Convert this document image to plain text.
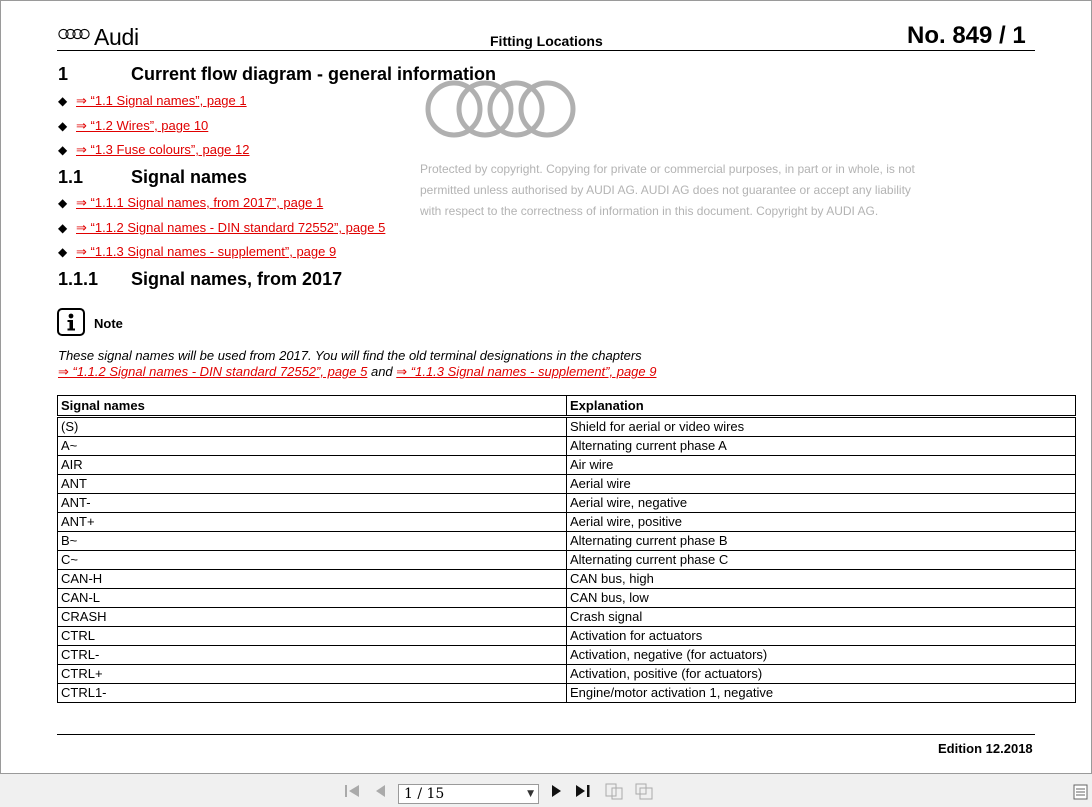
Audi	Fitting Locations	No. 849 / 1
1	Current flow diagram - general information
◆ ⇒ “1.1 Signal names”, page 1
◆ ⇒ “1.2 Wires”, page 10
◆ ⇒ “1.3 Fuse colours”, page 12
1.1	Signal names
◆ ⇒ “1.1.1 Signal names, from 2017”, page 1
◆ ⇒ “1.1.2 Signal names - DIN standard 72552”, page 5
◆ ⇒ “1.1.3 Signal names - supplement”, page 9
1.1.1 Signal names, from 2017
Protected by copyright. Copying for private or commercial purposes, in part or in whole, is not
permitted unless authorised by AUDI AG. AUDI AG does not guarantee or accept any liability
with respect to the correctness of information in this document. Copyright by AUDI AG.
Note
These signal names will be used from 2017. You will find the old terminal designations in the chapters
⇒ “1.1.2 Signal names - DIN standard 72552”, page 5 and ⇒ “1.1.3 Signal names - supplement”, page 9
Signal names	Explanation
(S)	Shield for aerial or video wires
A~	Alternating current phase A
AIR	Air wire
ANT	Aerial wire
ANT-	Aerial wire, negative
ANT+	Aerial wire, positive
B~	Alternating current phase B
C~	Alternating current phase C
CAN-H	CAN bus, high
CAN-L	CAN bus, low
CRASH	Crash signal
CTRL	Activation for actuators
CTRL-	Activation, negative (for actuators)
CTRL+	Activation, positive (for actuators)
CTRL1-	Engine/motor activation 1, negative
Edition 12.2018
1 / 15	▼
